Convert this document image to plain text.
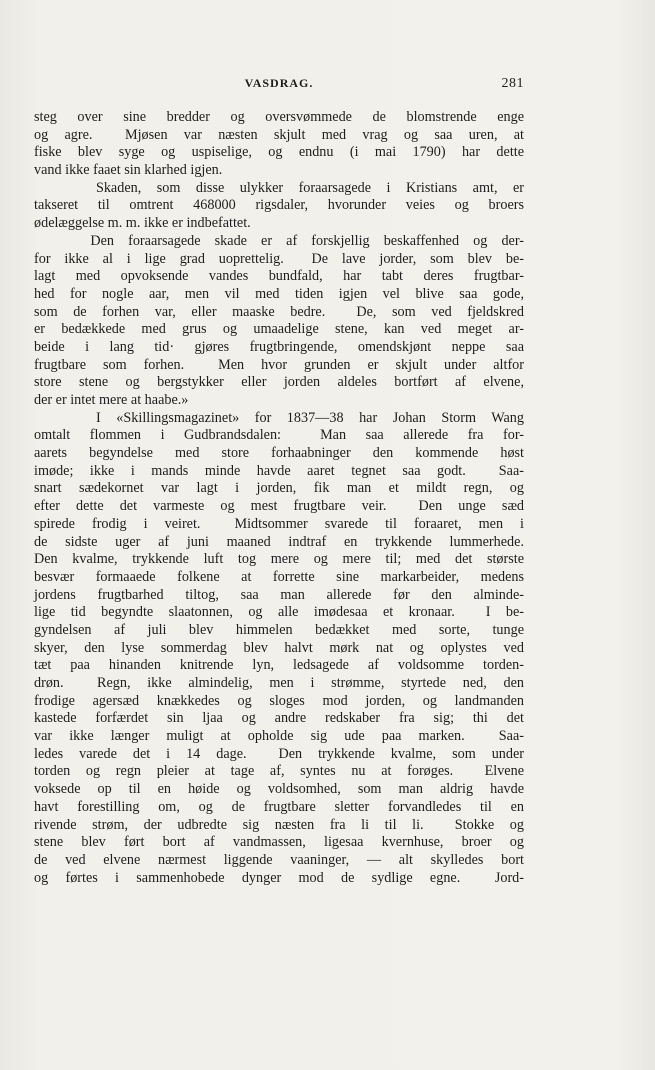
VASDRAG.	281
steg over sine bredder og oversvømmede de blomstrende enge
og agre.  Mjøsen var næsten skjult med vrag og saa uren, at
fiske blev syge og uspiselige, og endnu (i mai 1790) har dette
vand ikke faaet sin klarhed igjen.
Skaden, som disse ulykker foraarsagede i Kristians amt, er
takseret til omtrent 468000 rigsdaler, hvorunder veies og broers
ødelæggelse m. m. ikke er indbefattet.
Den foraarsagede skade er af forskjellig beskaffenhed og der-
for ikke al i lige grad uoprettelig.  De lave jorder, som blev be-
lagt med opvoksende vandes bundfald, har tabt deres frugtbar-
hed for nogle aar, men vil med tiden igjen vel blive saa gode,
som de forhen var, eller maaske bedre.  De, som ved fjeldskred
er bedækkede med grus og umaadelige stene, kan ved meget ar-
beide i lang tid· gjøres frugtbringende, omendskjønt neppe saa
frugtbare som forhen.  Men hvor grunden er skjult under altfor
store stene og bergstykker eller jorden aldeles bortført af elvene,
der er intet mere at haabe.»
I «Skillingsmagazinet» for 1837—38 har Johan Storm Wang
omtalt flommen i Gudbrandsdalen:  Man saa allerede fra for-
aarets begyndelse med store forhaabninger den kommende høst
imøde; ikke i mands minde havde aaret tegnet saa godt.  Saa-
snart sædekornet var lagt i jorden, fik man et mildt regn, og
efter dette det varmeste og mest frugtbare veir.  Den unge sæd
spirede frodig i veiret.  Midtsommer svarede til foraaret, men i
de sidste uger af juni maaned indtraf en trykkende lummerhede.
Den kvalme, trykkende luft tog mere og mere til; med det største
besvær formaaede folkene at forrette sine markarbeider, medens
jordens frugtbarhed tiltog, saa man allerede før den alminde-
lige tid begyndte slaatonnen, og alle imødesaa et kronaar.  I be-
gyndelsen af juli blev himmelen bedækket med sorte, tunge
skyer, den lyse sommerdag blev halvt mørk nat og oplystes ved
tæt paa hinanden knitrende lyn, ledsagede af voldsomme torden-
drøn.  Regn, ikke almindelig, men i strømme, styrtede ned, den
frodige agersæd knækkedes og sloges mod jorden, og landmanden
kastede forfærdet sin ljaa og andre redskaber fra sig; thi det
var ikke længer muligt at opholde sig ude paa marken.  Saa-
ledes varede det i 14 dage.  Den trykkende kvalme, som under
torden og regn pleier at tage af, syntes nu at forøges.  Elvene
voksede op til en høide og voldsomhed, som man aldrig havde
havt forestilling om, og de frugtbare sletter forvandledes til en
rivende strøm, der udbredte sig næsten fra li til li.  Stokke og
stene blev ført bort af vandmassen, ligesaa kvernhuse, broer og
de ved elvene nærmest liggende vaaninger, — alt skylledes bort
og førtes i sammenhobede dynger mod de sydlige egne.  Jord-
